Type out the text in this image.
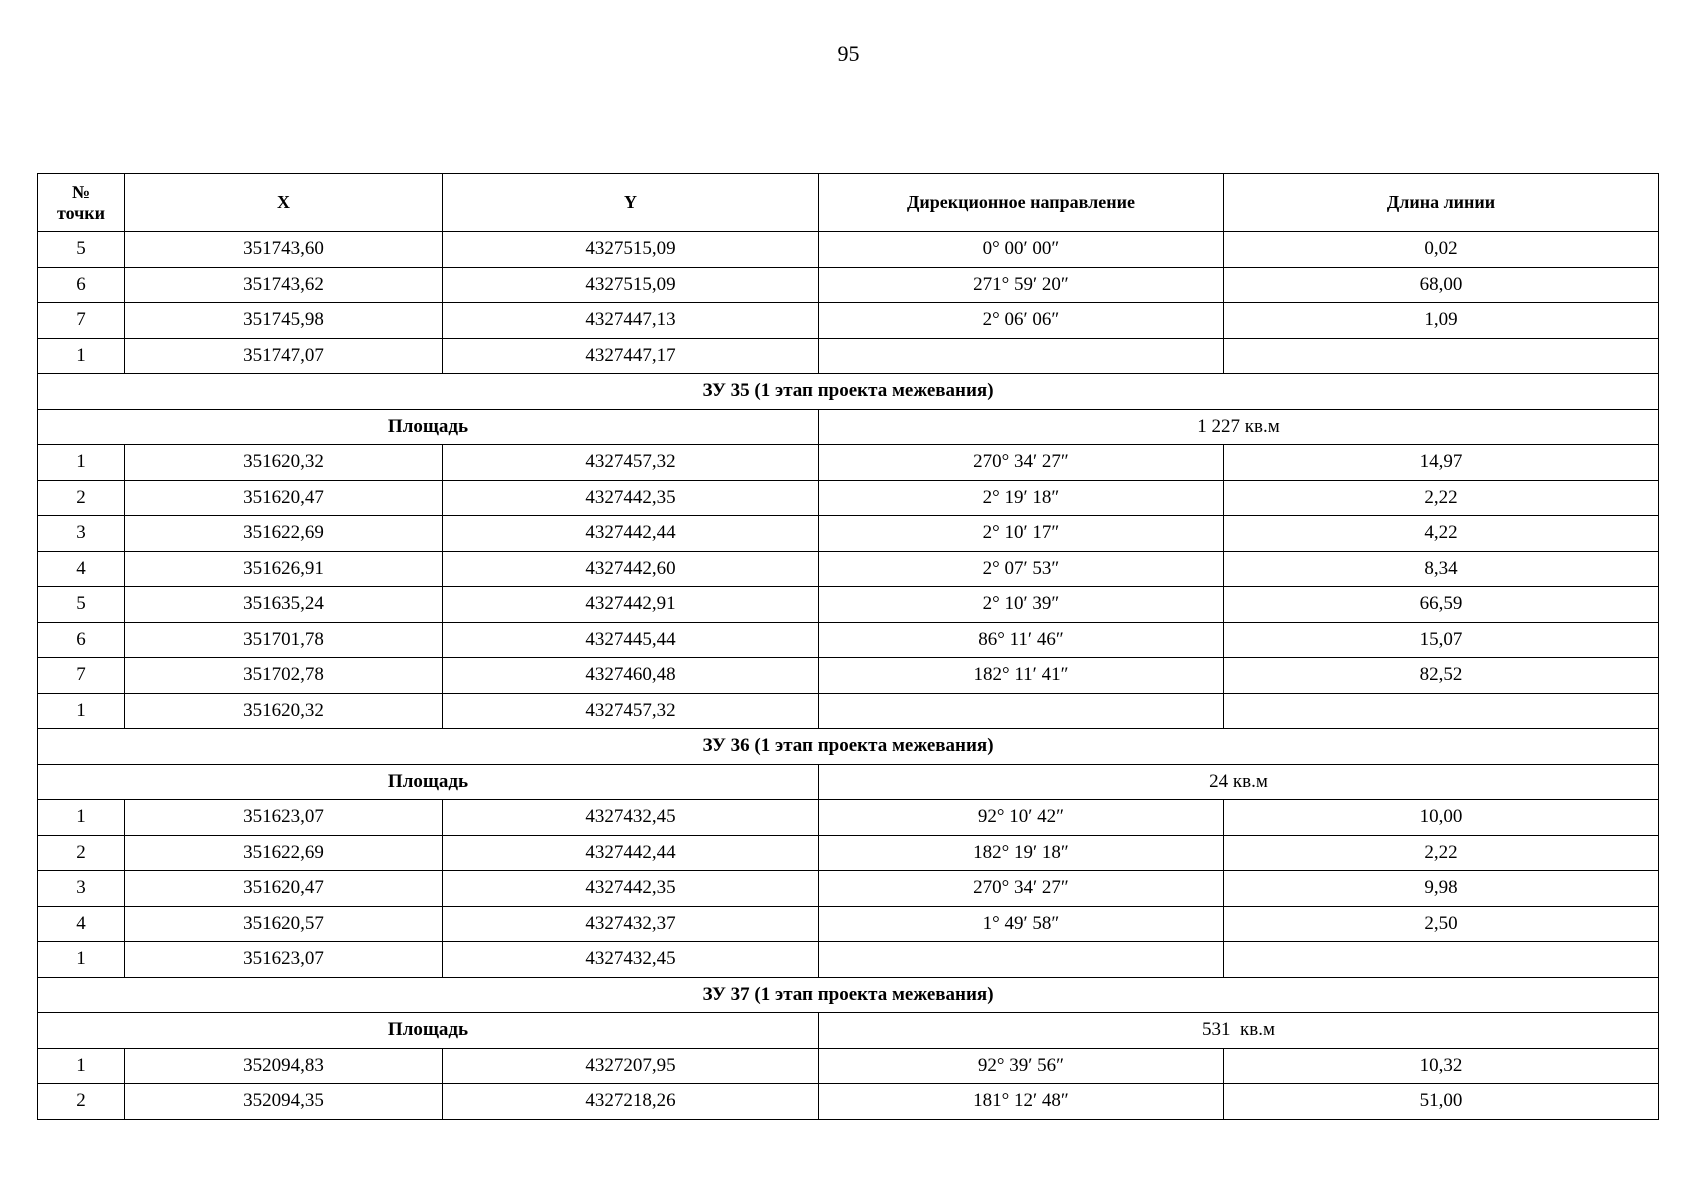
95
№
точки	X	Y	Дирекционное направление	Длина линии
5	351743,60	4327515,09	0° 00′ 00″	0,02
6	351743,62	4327515,09	271° 59′ 20″	68,00
7	351745,98	4327447,13	2° 06′ 06″	1,09
1	351747,07	4327447,17		
ЗУ 35 (1 этап проекта межевания)				
Площадь			1 227 кв.м	
1	351620,32	4327457,32	270° 34′ 27″	14,97
2	351620,47	4327442,35	2° 19′ 18″	2,22
3	351622,69	4327442,44	2° 10′ 17″	4,22
4	351626,91	4327442,60	2° 07′ 53″	8,34
5	351635,24	4327442,91	2° 10′ 39″	66,59
6	351701,78	4327445,44	86° 11′ 46″	15,07
7	351702,78	4327460,48	182° 11′ 41″	82,52
1	351620,32	4327457,32		
ЗУ 36 (1 этап проекта межевания)				
Площадь			24 кв.м	
1	351623,07	4327432,45	92° 10′ 42″	10,00
2	351622,69	4327442,44	182° 19′ 18″	2,22
3	351620,47	4327442,35	270° 34′ 27″	9,98
4	351620,57	4327432,37	1° 49′ 58″	2,50
1	351623,07	4327432,45		
ЗУ 37 (1 этап проекта межевания)				
Площадь			531  кв.м	
1	352094,83	4327207,95	92° 39′ 56″	10,32
2	352094,35	4327218,26	181° 12′ 48″	51,00
